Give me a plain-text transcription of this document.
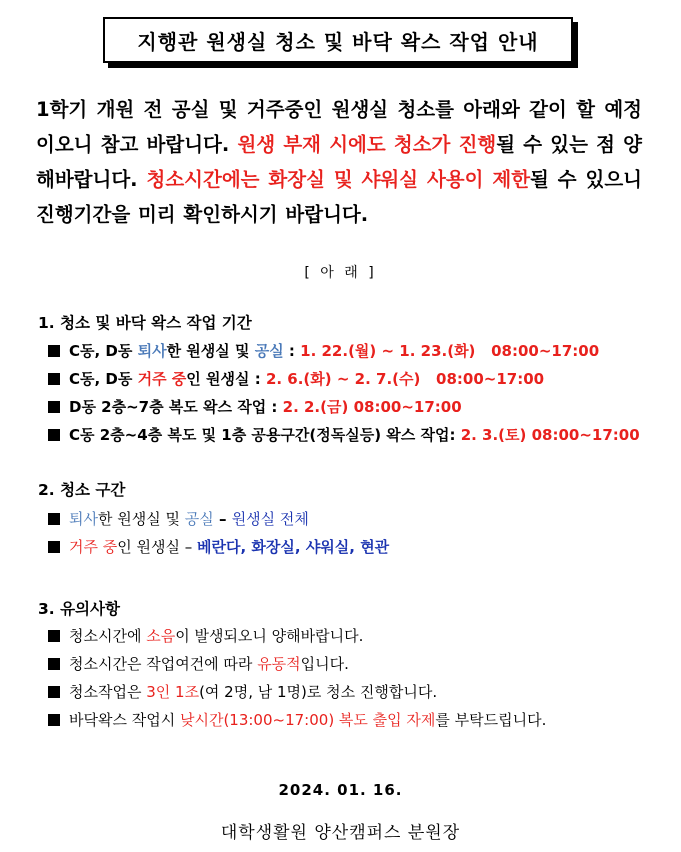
지행관 원생실 청소 및 바닥 왁스 작업 안내
1학기 개원 전 공실 및 거주중인 원생실 청소를 아래와 같이 할 예정이오니 참고 바랍니다. 원생 부재 시에도 청소가 진행될 수 있는 점 양해바랍니다. 청소시간에는 화장실 및 샤워실 사용이 제한될 수 있으니 진행기간을 미리 확인하시기 바랍니다.
[ 아 래 ]
1. 청소 및 바닥 왁스 작업 기간
C동, D동 퇴사한 원생실 및 공실 : 1. 22.(월) ~ 1. 23.(화)   08:00~17:00
C동, D동 거주 중인 원생실 : 2. 6.(화) ~ 2. 7.(수)   08:00~17:00
D동 2층~7층 복도 왁스 작업 : 2. 2.(금) 08:00~17:00
C동 2층~4층 복도 및 1층 공용구간(정독실등) 왁스 작업: 2. 3.(토) 08:00~17:00
2. 청소 구간
퇴사한 원생실 및 공실 – 원생실 전체
거주 중인 원생실 – 베란다, 화장실, 샤워실, 현관
3. 유의사항
청소시간에 소음이 발생되오니 양해바랍니다.
청소시간은 작업여건에 따라 유동적입니다.
청소작업은 3인 1조(여 2명, 남 1명)로 청소 진행합니다.
바닥왁스 작업시 낮시간(13:00~17:00) 복도 출입 자제를 부탁드립니다.
2024. 01. 16.
대학생활원 양산캠퍼스 분원장
